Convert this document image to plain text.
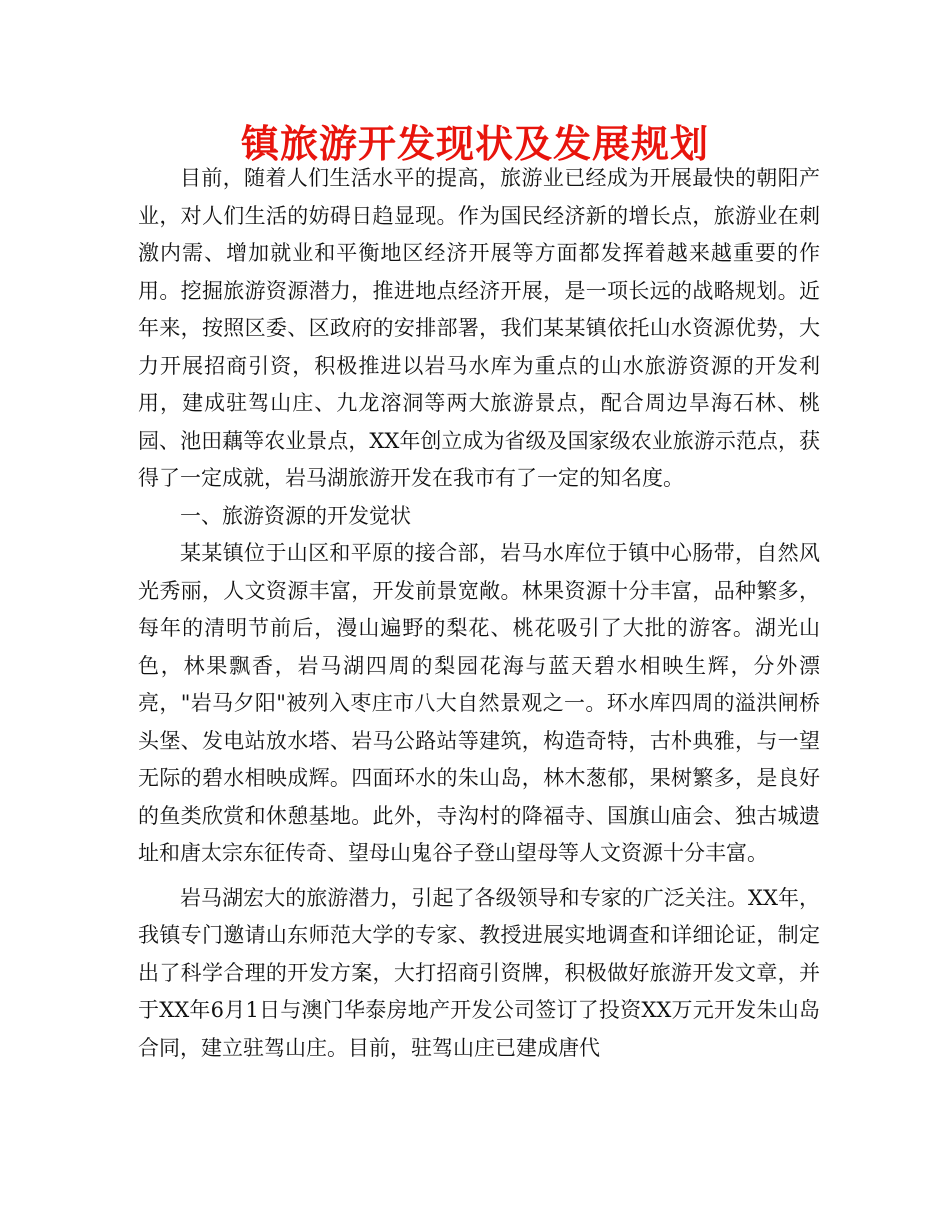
镇旅游开发现状及发展规划

目前，随着人们生活水平的提高，旅游业已经成为开展最快的朝阳产业，对人们生活的妨碍日趋显现。作为国民经济新的增长点，旅游业在刺激内需、增加就业和平衡地区经济开展等方面都发挥着越来越重要的作用。挖掘旅游资源潜力，推进地点经济开展，是一项长远的战略规划。近年来，按照区委、区政府的安排部署，我们某某镇依托山水资源优势，大力开展招商引资，积极推进以岩马水库为重点的山水旅游资源的开发利用，建成驻驾山庄、九龙溶洞等两大旅游景点，配合周边旱海石林、桃园、池田藕等农业景点，XX年创立成为省级及国家级农业旅游示范点，获得了一定成就，岩马湖旅游开发在我市有了一定的知名度。

一、旅游资源的开发觉状

某某镇位于山区和平原的接合部，岩马水库位于镇中心肠带，自然风光秀丽，人文资源丰富，开发前景宽敞。林果资源十分丰富，品种繁多，每年的清明节前后，漫山遍野的梨花、桃花吸引了大批的游客。湖光山色，林果飘香，岩马湖四周的梨园花海与蓝天碧水相映生辉，分外漂亮，"岩马夕阳"被列入枣庄市八大自然景观之一。环水库四周的溢洪闸桥头堡、发电站放水塔、岩马公路站等建筑，构造奇特，古朴典雅，与一望无际的碧水相映成辉。四面环水的朱山岛，林木葱郁，果树繁多，是良好的鱼类欣赏和休憩基地。此外，寺沟村的降福寺、国旗山庙会、独古城遗址和唐太宗东征传奇、望母山鬼谷子登山望母等人文资源十分丰富。

岩马湖宏大的旅游潜力，引起了各级领导和专家的广泛关注。XX年，我镇专门邀请山东师范大学的专家、教授进展实地调查和详细论证，制定出了科学合理的开发方案，大打招商引资牌，积极做好旅游开发文章，并于XX年6月1日与澳门华泰房地产开发公司签订了投资XX万元开发朱山岛合同，建立驻驾山庄。目前，驻驾山庄已建成唐代
